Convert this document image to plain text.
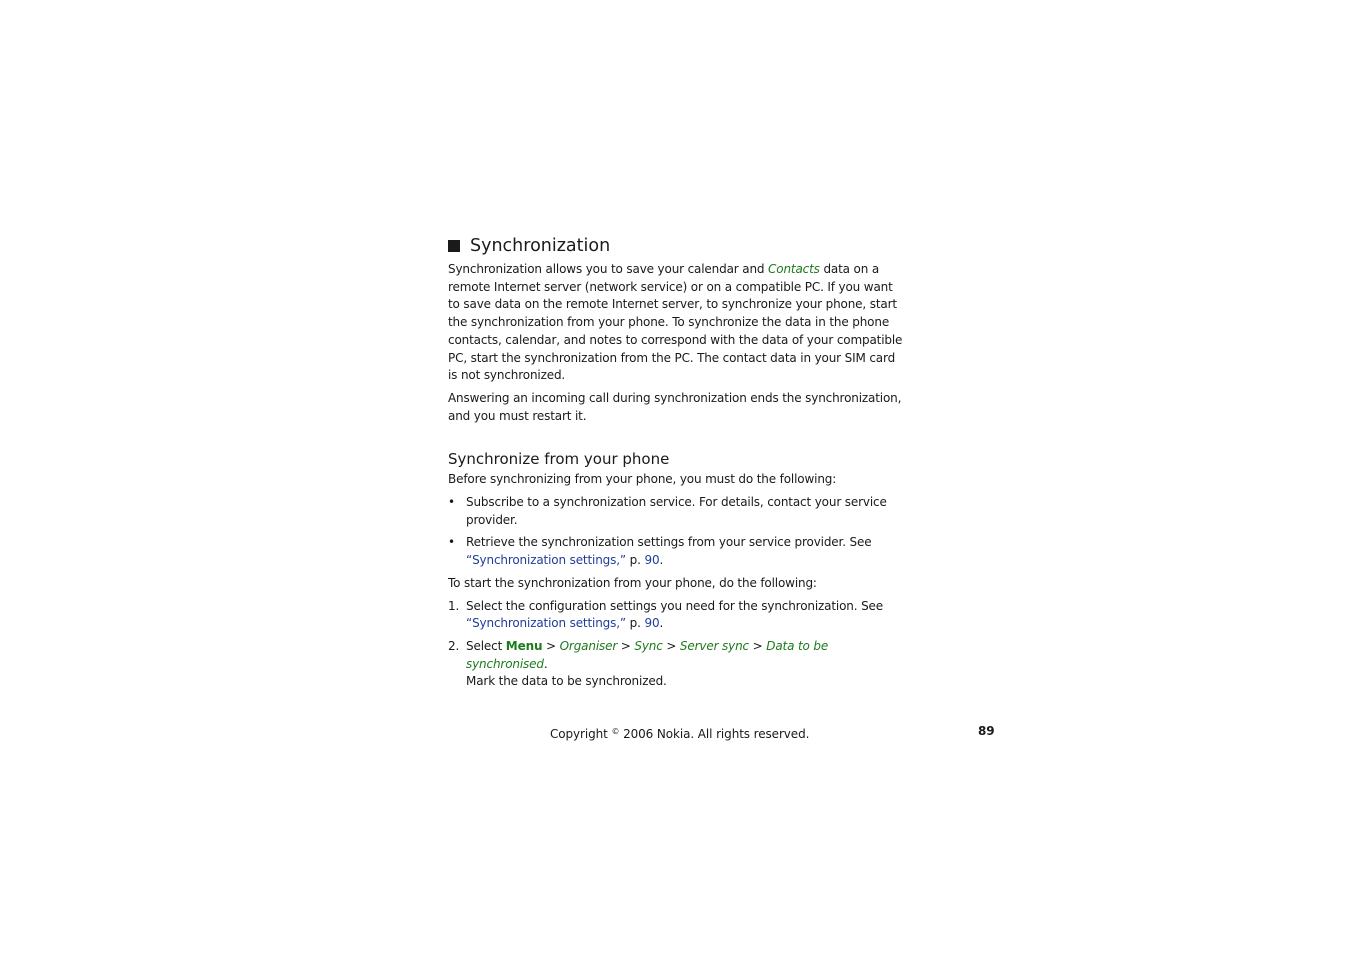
Synchronization

Synchronization allows you to save your calendar and Contacts data on a remote Internet server (network service) or on a compatible PC. If you want to save data on the remote Internet server, to synchronize your phone, start the synchronization from your phone. To synchronize the data in the phone contacts, calendar, and notes to correspond with the data of your compatible PC, start the synchronization from the PC. The contact data in your SIM card is not synchronized.

Answering an incoming call during synchronization ends the synchronization, and you must restart it.

Synchronize from your phone

Before synchronizing from your phone, you must do the following:

• Subscribe to a synchronization service. For details, contact your service provider.
• Retrieve the synchronization settings from your service provider. See “Synchronization settings,” p. 90.

To start the synchronization from your phone, do the following:

1. Select the configuration settings you need for the synchronization. See “Synchronization settings,” p. 90.
2. Select Menu > Organiser > Sync > Server sync > Data to be synchronised.
Mark the data to be synchronized.
Copyright © 2006 Nokia. All rights reserved.	89
